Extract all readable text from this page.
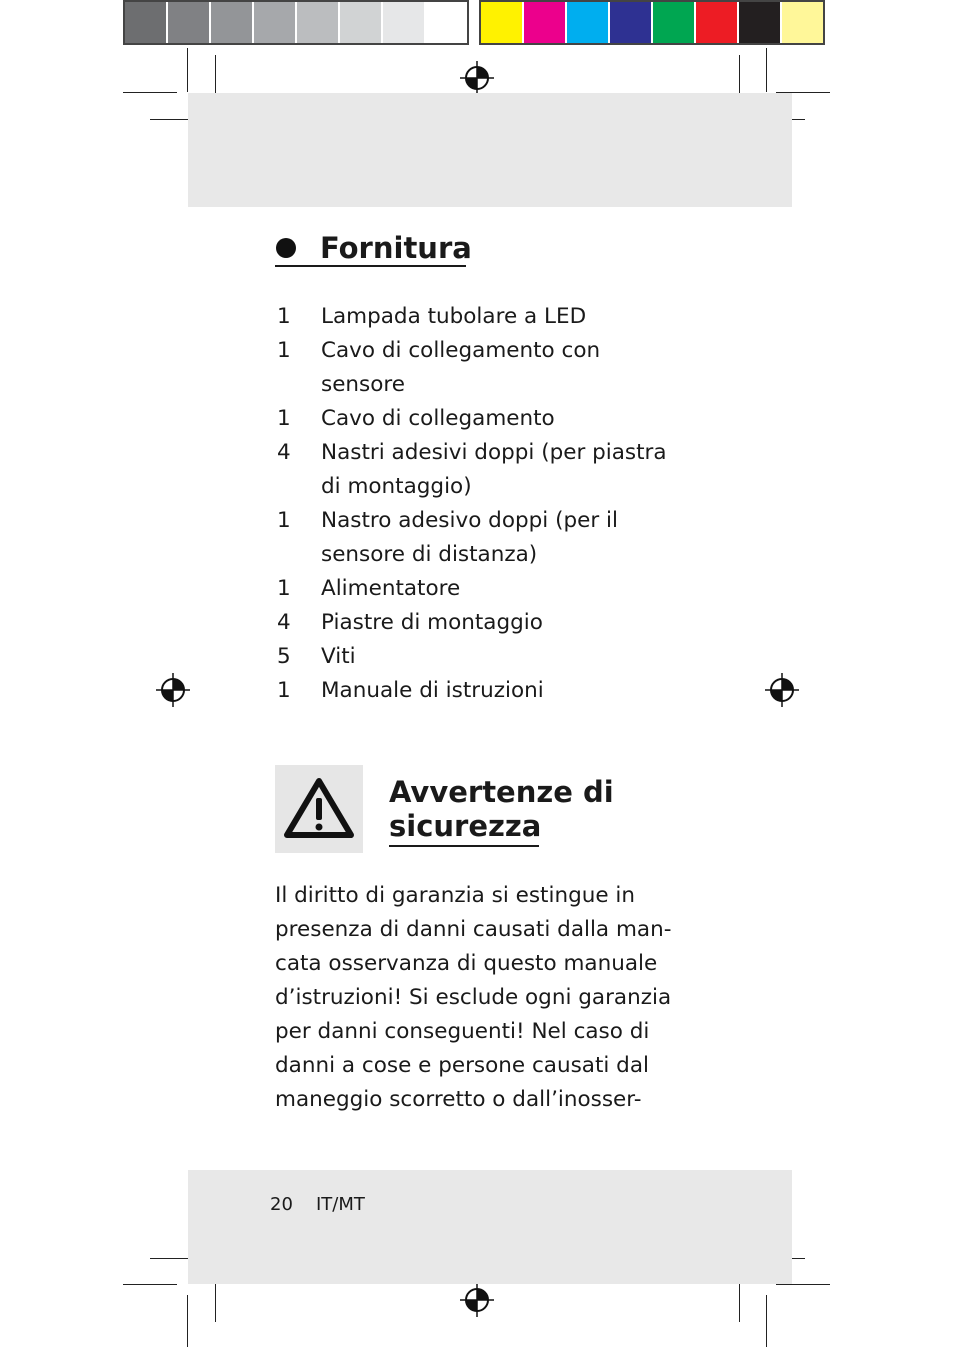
Fornitura
1	Lampada tubolare a LED
1	Cavo di collegamento con
sensore
1	Cavo di collegamento
4	Nastri adesivi doppi (per piastra
di montaggio)
1	Nastro adesivo doppi (per il
sensore di distanza)
1	Alimentatore
4	Piastre di montaggio
5	Viti
1	Manuale di istruzioni
Avvertenze di
sicurezza
Il diritto di garanzia si estingue in
presenza di danni causati dalla man-
cata osservanza di questo manuale
d’istruzioni! Si esclude ogni garanzia
per danni conseguenti! Nel caso di
danni a cose e persone causati dal
maneggio scorretto o dall’inosser-
20 IT/MT
